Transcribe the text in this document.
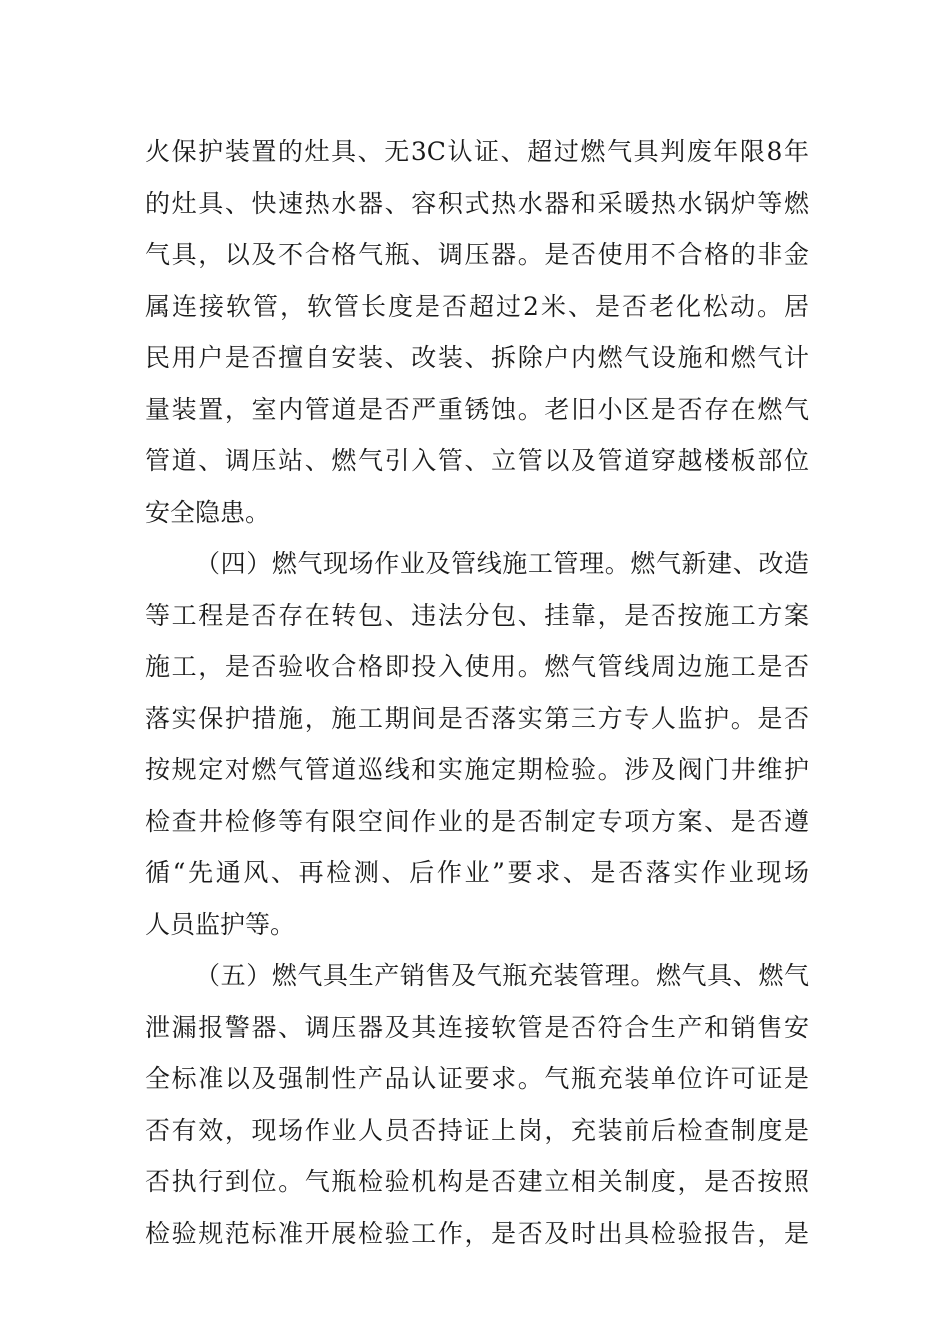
火保护装置的灶具、无3C认证、超过燃气具判废年限8年
的灶具、快速热水器、容积式热水器和采暖热水锅炉等燃
气具，以及不合格气瓶、调压器。是否使用不合格的非金
属连接软管，软管长度是否超过2米、是否老化松动。居
民用户是否擅自安装、改装、拆除户内燃气设施和燃气计
量装置，室内管道是否严重锈蚀。老旧小区是否存在燃气
管道、调压站、燃气引入管、立管以及管道穿越楼板部位
安全隐患。
（四）燃气现场作业及管线施工管理。燃气新建、改造
等工程是否存在转包、违法分包、挂靠，是否按施工方案
施工，是否验收合格即投入使用。燃气管线周边施工是否
落实保护措施，施工期间是否落实第三方专人监护。是否
按规定对燃气管道巡线和实施定期检验。涉及阀门井维护
检查井检修等有限空间作业的是否制定专项方案、是否遵
循“先通风、再检测、后作业”要求、是否落实作业现场
人员监护等。
（五）燃气具生产销售及气瓶充装管理。燃气具、燃气
泄漏报警器、调压器及其连接软管是否符合生产和销售安
全标准以及强制性产品认证要求。气瓶充装单位许可证是
否有效，现场作业人员否持证上岗，充装前后检查制度是
否执行到位。气瓶检验机构是否建立相关制度，是否按照
检验规范标准开展检验工作，是否及时出具检验报告，是
